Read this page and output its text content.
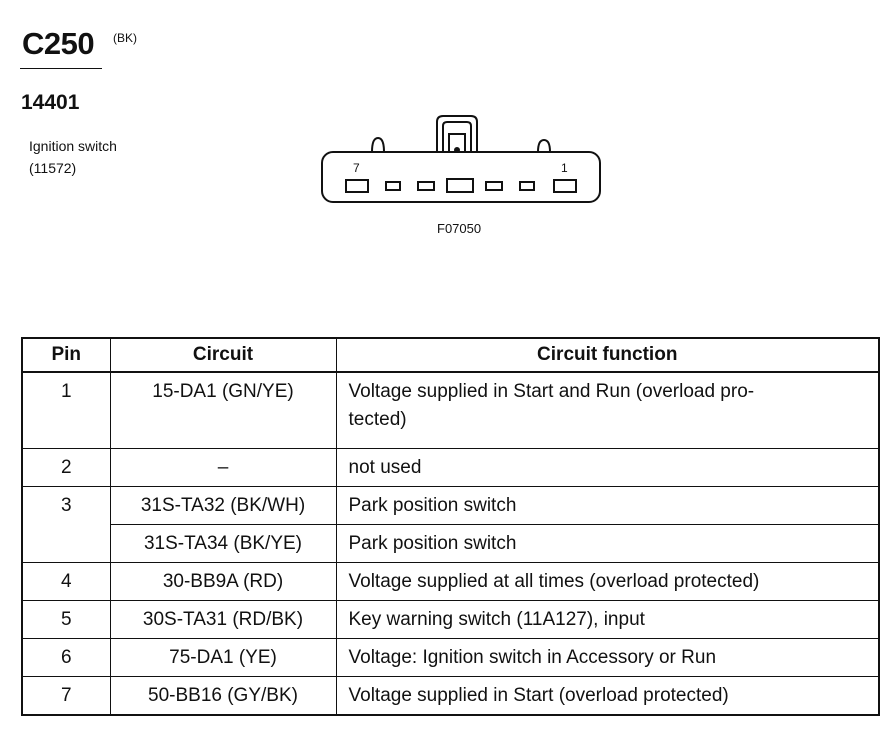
C250 (BK)
14401
Ignition switch
(11572)	7	1
F07050
Pin	Circuit	Circuit function
1	15-DA1 (GN/YE)	Voltage supplied in Start and Run (overload pro-
tected)

2	–	not used
3	31S-TA32 (BK/WH)	Park position switch
	31S-TA34 (BK/YE)	Park position switch
4	30-BB9A (RD)	Voltage supplied at all times (overload protected)
5	30S-TA31 (RD/BK)	Key warning switch (11A127), input
6	75-DA1 (YE)	Voltage: Ignition switch in Accessory or Run
7	50-BB16 (GY/BK)	Voltage supplied in Start (overload protected)
